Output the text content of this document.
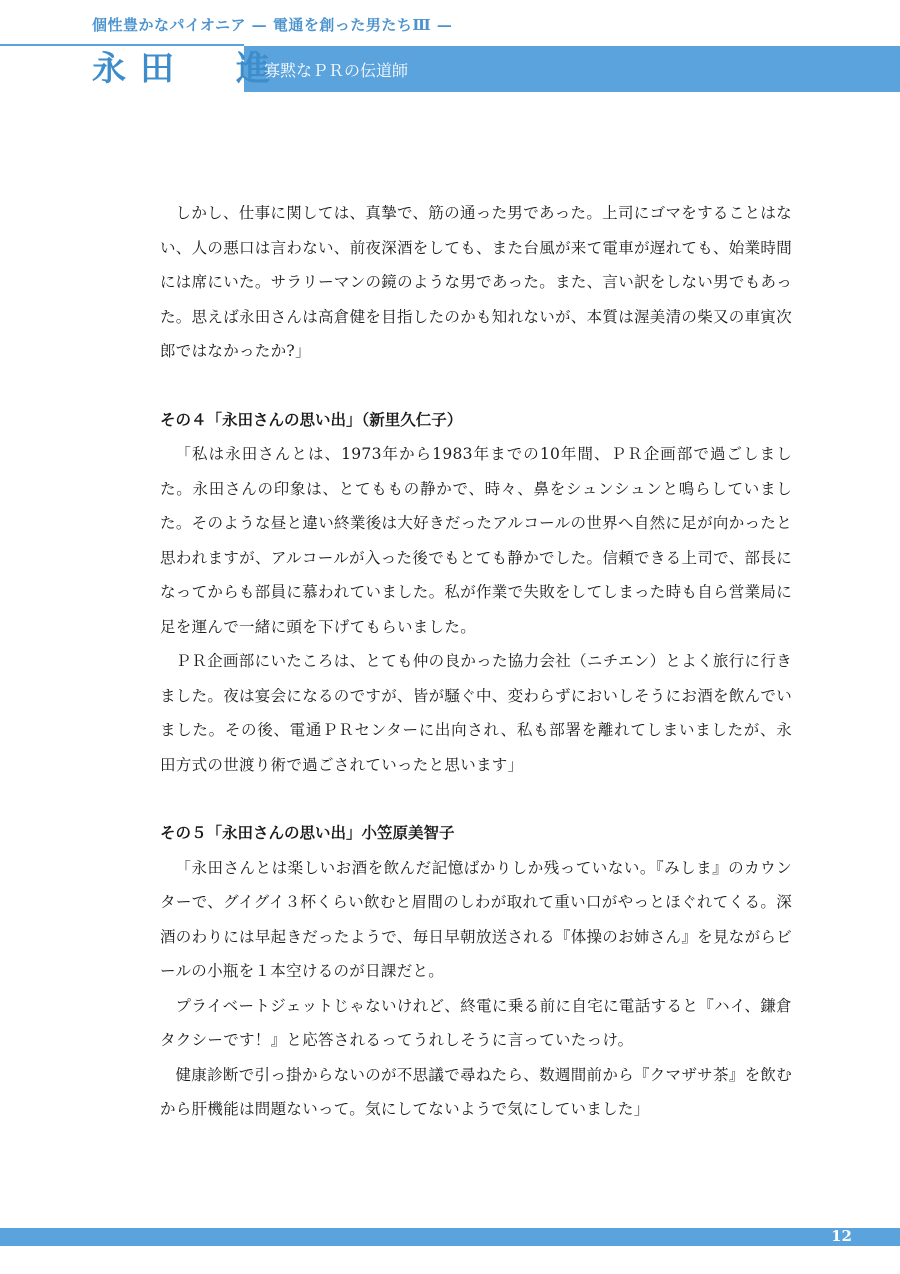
個性豊かなパイオニア — 電通を創った男たちⅢ —
永田　進
寡黙なＰＲの伝道師

しかし、仕事に関しては、真摯で、筋の通った男であった。上司にゴマをすることはない、人の悪口は言わない、前夜深酒をしても、また台風が来て電車が遅れても、始業時間には席にいた。サラリーマンの鏡のような男であった。また、言い訳をしない男でもあった。思えば永田さんは高倉健を目指したのかも知れないが、本質は渥美清の柴又の車寅次郎ではなかったか?」

その４「永田さんの思い出」（新里久仁子）

「私は永田さんとは、1973年から1983年までの10年間、ＰＲ企画部で過ごしました。永田さんの印象は、とてももの静かで、時々、鼻をシュンシュンと鳴らしていました。そのような昼と違い終業後は大好きだったアルコールの世界へ自然に足が向かったと思われますが、アルコールが入った後でもとても静かでした。信頼できる上司で、部長になってからも部員に慕われていました。私が作業で失敗をしてしまった時も自ら営業局に足を運んで一緒に頭を下げてもらいました。

ＰＲ企画部にいたころは、とても仲の良かった協力会社（ニチエン）とよく旅行に行きました。夜は宴会になるのですが、皆が騒ぐ中、変わらずにおいしそうにお酒を飲んでいました。その後、電通ＰＲセンターに出向され、私も部署を離れてしまいましたが、永田方式の世渡り術で過ごされていったと思います」

その５「永田さんの思い出」小笠原美智子

「永田さんとは楽しいお酒を飲んだ記憶ばかりしか残っていない。『みしま』のカウンターで、グイグイ３杯くらい飲むと眉間のしわが取れて重い口がやっとほぐれてくる。深酒のわりには早起きだったようで、毎日早朝放送される『体操のお姉さん』を見ながらビールの小瓶を１本空けるのが日課だと。

プライベートジェットじゃないけれど、終電に乗る前に自宅に電話すると『ハイ、鎌倉タクシーです！』と応答されるってうれしそうに言っていたっけ。

健康診断で引っ掛からないのが不思議で尋ねたら、数週間前から『クマザサ茶』を飲むから肝機能は問題ないって。気にしてないようで気にしていました」

12
